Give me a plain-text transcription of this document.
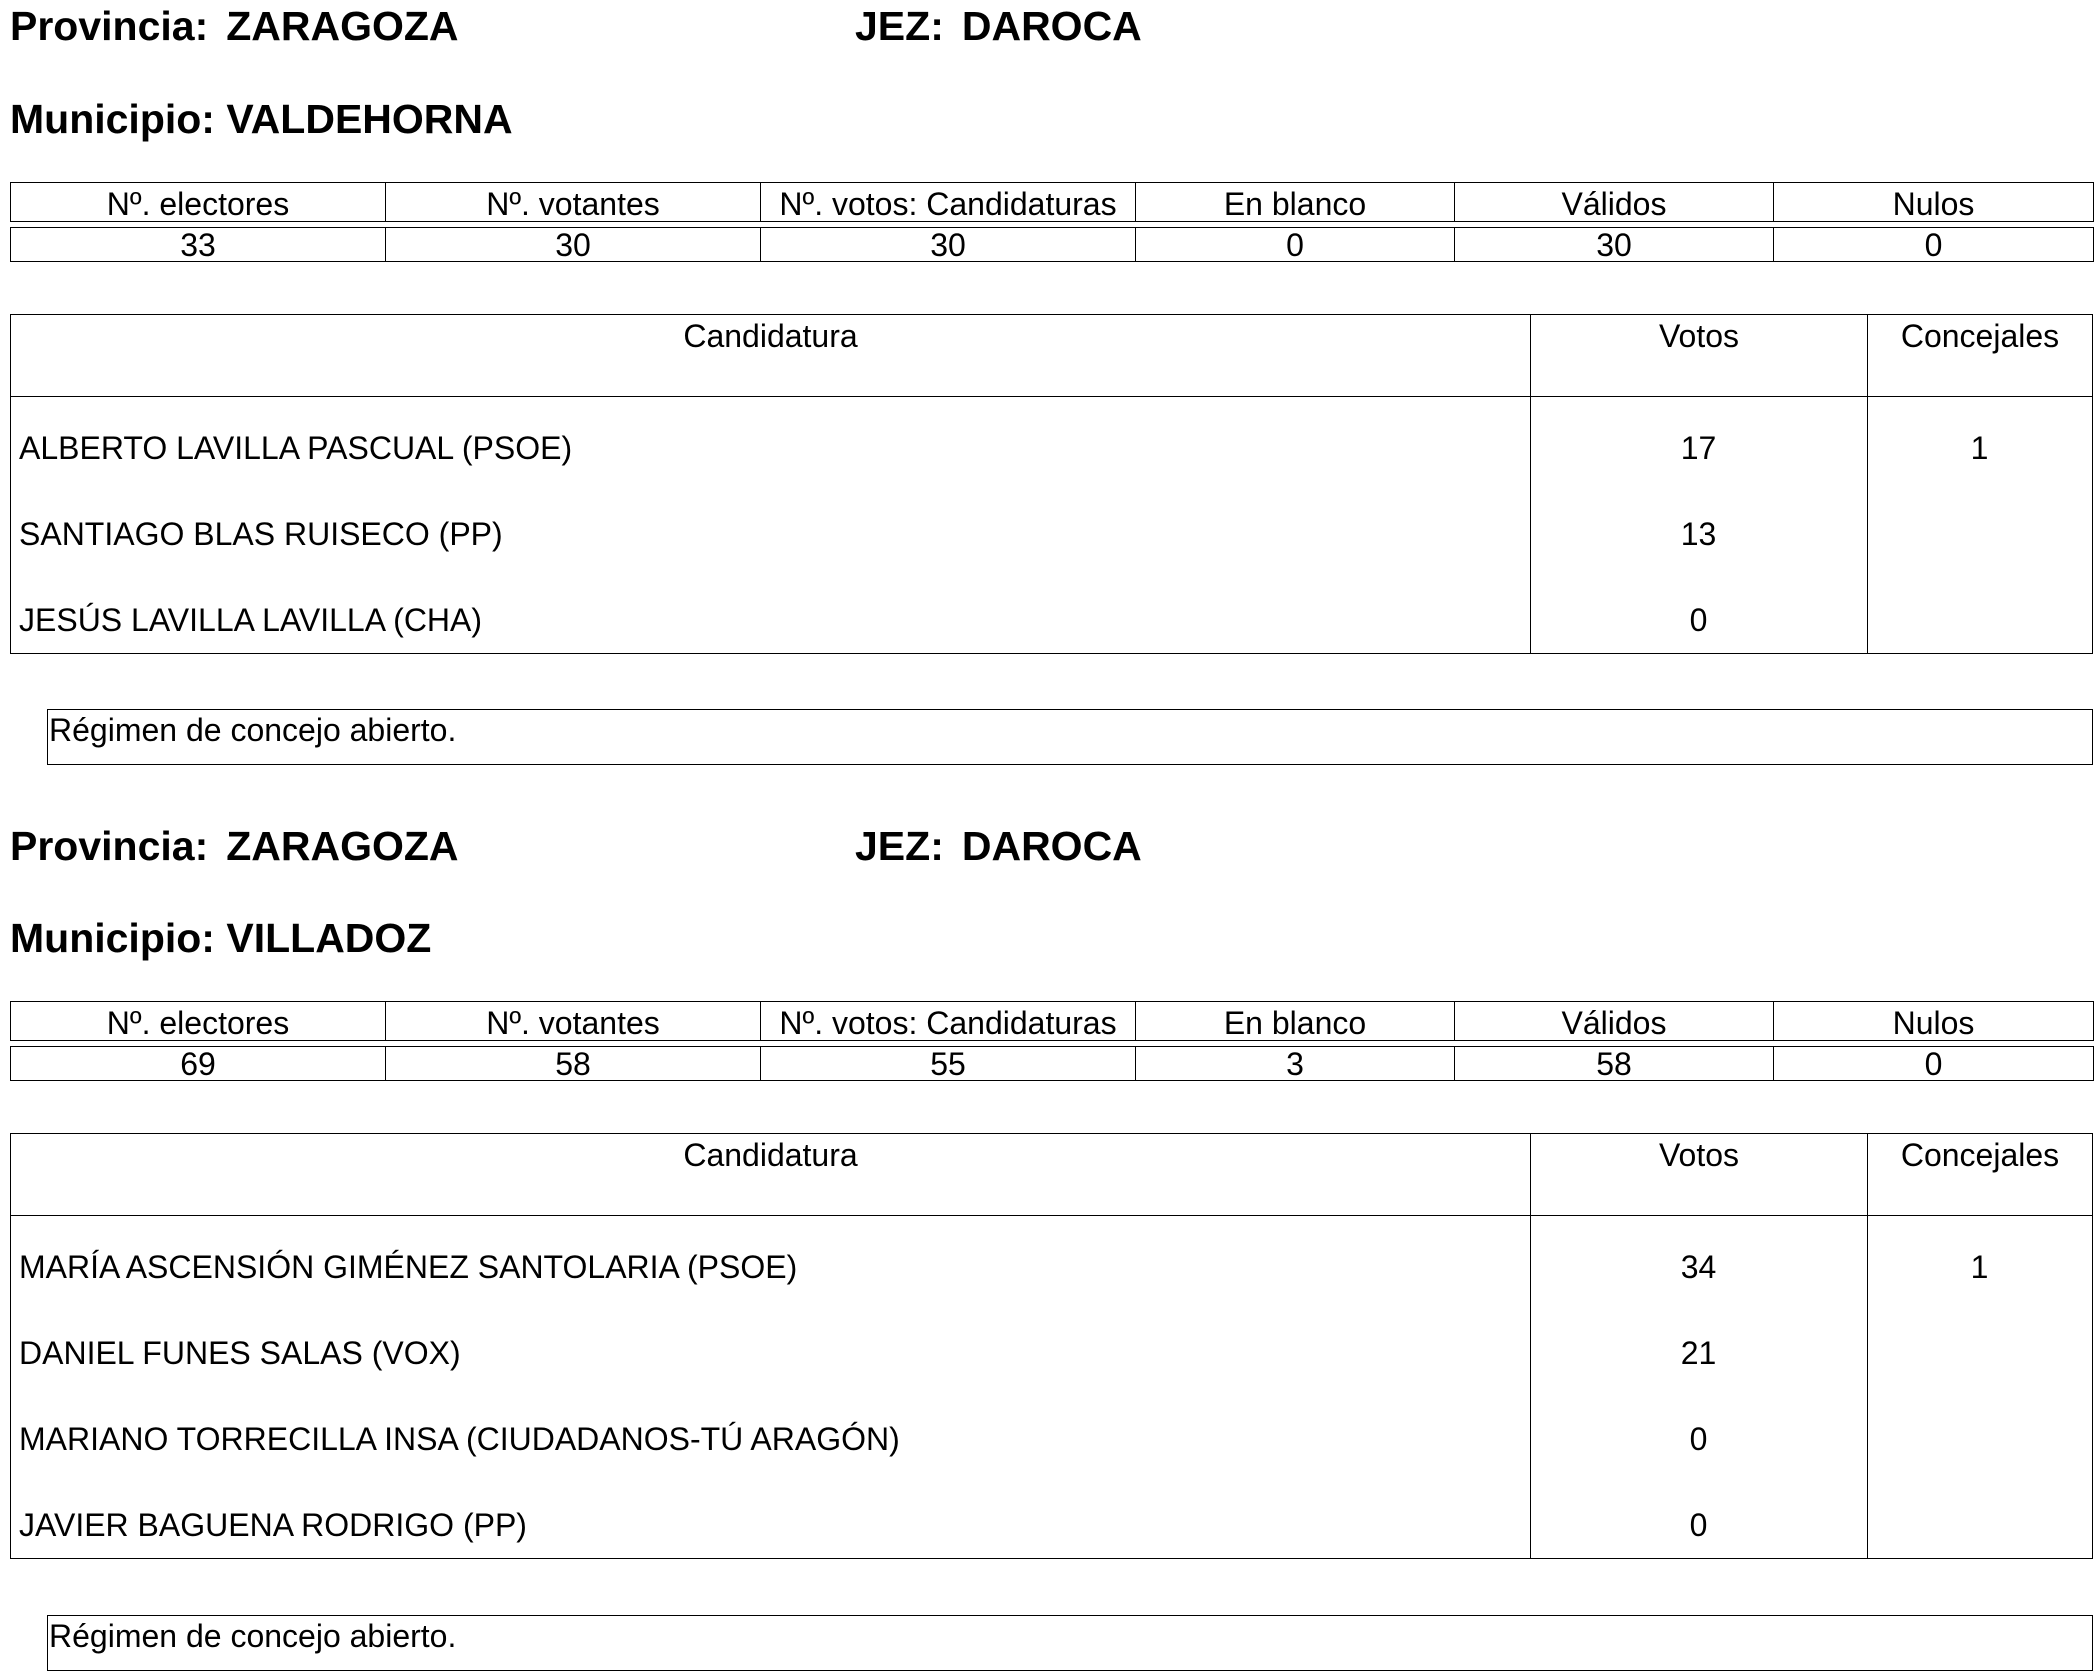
Provincia: ZARAGOZA	JEZ: DAROCA
Municipio: VALDEHORNA
Nº. electores	Nº. votantes	Nº. votos: Candidaturas	En blanco	Válidos	Nulos
33	30	30	0	30	0
Candidatura	Votos	Concejales
ALBERTO LAVILLA PASCUAL (PSOE)	17	1
SANTIAGO BLAS RUISECO (PP)	13
JESÚS LAVILLA LAVILLA (CHA)	0
Régimen de concejo abierto.
Provincia: ZARAGOZA	JEZ: DAROCA
Municipio: VILLADOZ
Nº. electores	Nº. votantes	Nº. votos: Candidaturas	En blanco	Válidos	Nulos
69	58	55	3	58	0
Candidatura	Votos	Concejales
MARÍA ASCENSIÓN GIMÉNEZ SANTOLARIA (PSOE)	34	1
DANIEL FUNES SALAS (VOX)	21
MARIANO TORRECILLA INSA (CIUDADANOS-TÚ ARAGÓN)	0
JAVIER BAGUENA RODRIGO (PP)	0
Régimen de concejo abierto.
